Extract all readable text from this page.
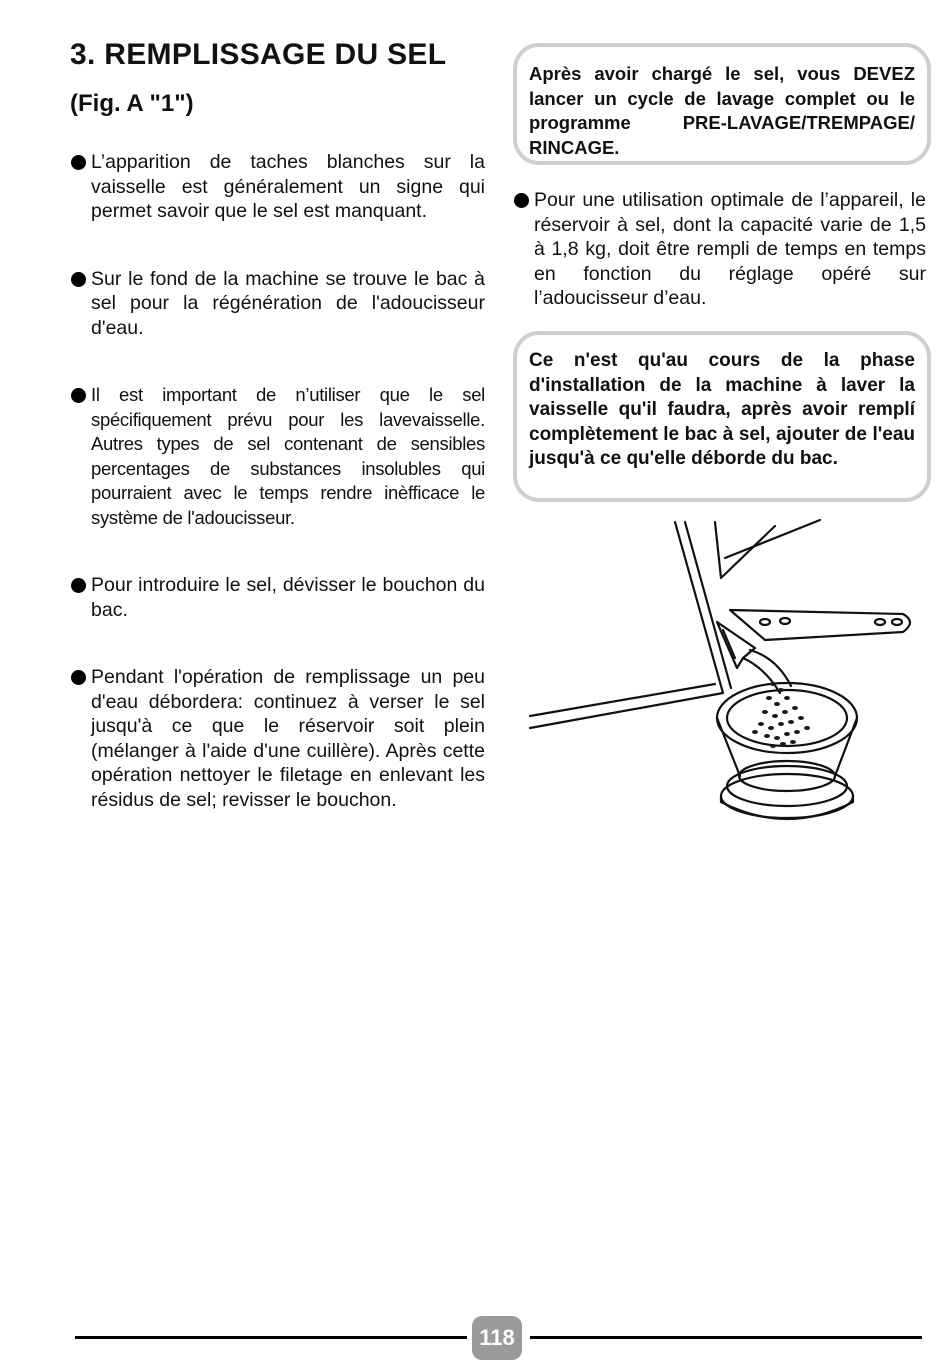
3. REMPLISSAGE DU SEL
(Fig. A "1")
L’apparition de taches blanches sur la vaisselle est généralement un signe qui permet savoir que le sel est manquant.
Sur le fond de la machine se trouve le bac à sel pour la régénération de l'adoucisseur d'eau.
Il est important de n’utiliser que le sel spécifiquement prévu pour les lavevaisselle. Autres types de sel contenant de sensibles percentages de substances insolubles qui pourraient avec le temps rendre inèfficace le système de l'adoucisseur.
Pour introduire le sel, dévisser le bouchon du bac.
Pendant l'opération de remplissage un peu d'eau débordera: continuez à verser le sel jusqu'à ce que le réservoir soit plein (mélanger à l'aide d'une cuillère). Après cette opération nettoyer le filetage en enlevant les résidus de sel; revisser le bouchon.
Après avoir chargé le sel, vous DEVEZ lancer un cycle de lavage complet ou le programme PRE-LAVAGE/TREMPAGE/ RINCAGE.
Pour une utilisation optimale de l’appareil, le réservoir à sel, dont la capacité varie de 1,5 à 1,8 kg, doit être rempli de temps en temps en fonction du réglage opéré sur l’adoucisseur d’eau.
Ce n'est qu'au cours de la phase d'installation de la machine à laver la vaisselle qu'il faudra, après avoir remplí complètement le bac à sel, ajouter de l'eau jusqu'à ce qu'elle déborde du bac.
118
